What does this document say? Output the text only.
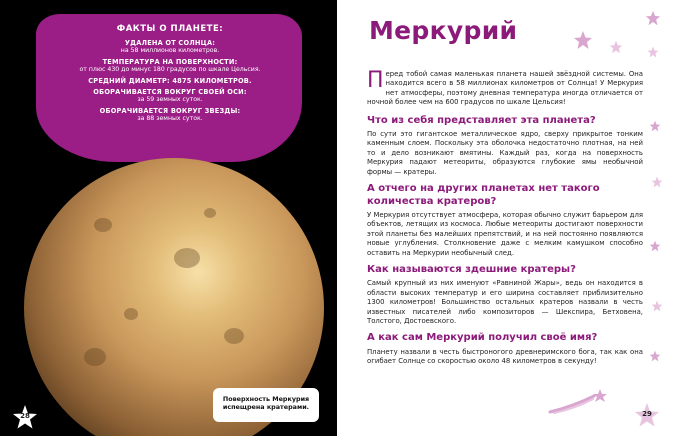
ФАКТЫ О ПЛАНЕТЕ:
УДАЛЕНА ОТ СОЛНЦА:
на 58 миллионов километров.
ТЕМПЕРАТУРА НА ПОВЕРХНОСТИ:
от плюс 430 до минус 180 градусов по шкале Цельсия.
СРЕДНИЙ ДИАМЕТР: 4875 КИЛОМЕТРОВ.
ОБОРАЧИВАЕТСЯ ВОКРУГ СВОЕЙ ОСИ:
за 59 земных суток.
ОБОРАЧИВАЕТСЯ ВОКРУГ ЗВЕЗДЫ:
за 88 земных суток.
Поверхность Меркурия испещрена кратерами.
28
Меркурий
Перед тобой самая маленькая планета нашей звёздной системы. Она находится всего в 58 миллионах километров от Солнца! У Меркурия нет атмосферы, поэтому дневная температура иногда отличается от ночной более чем на 600 градусов по шкале Цельсия!
Что из себя представляет эта планета?
По сути это гигантское металлическое ядро, сверху прикрытое тонким каменным слоем. Поскольку эта оболочка недостаточно плотная, на ней то и дело возникают вмятины. Каждый раз, когда на поверхность Меркурия падают метеориты, образуются глубокие ямы необычной формы — кратеры.
А отчего на других планетах нет такого количества кратеров?
У Меркурия отсутствует атмосфера, которая обычно служит барьером для объектов, летящих из космоса. Любые метеориты достигают поверхности этой планеты без малейших препятствий, и на ней постоянно появляются новые углубления. Столкновение даже с мелким камушком способно оставить на Меркурии необычный след.
Как называются здешние кратеры?
Самый крупный из них именуют «Равниной Жары», ведь он находится в области высоких температур и его ширина составляет приблизительно 1300 километров! Большинство остальных кратеров назвали в честь известных писателей либо композиторов — Шекспира, Бетховена, Толстого, Достоевского.
А как сам Меркурий получил своё имя?
Планету назвали в честь быстроногого древнеримского бога, так как она огибает Солнце со скоростью около 48 километров в секунду!
29
